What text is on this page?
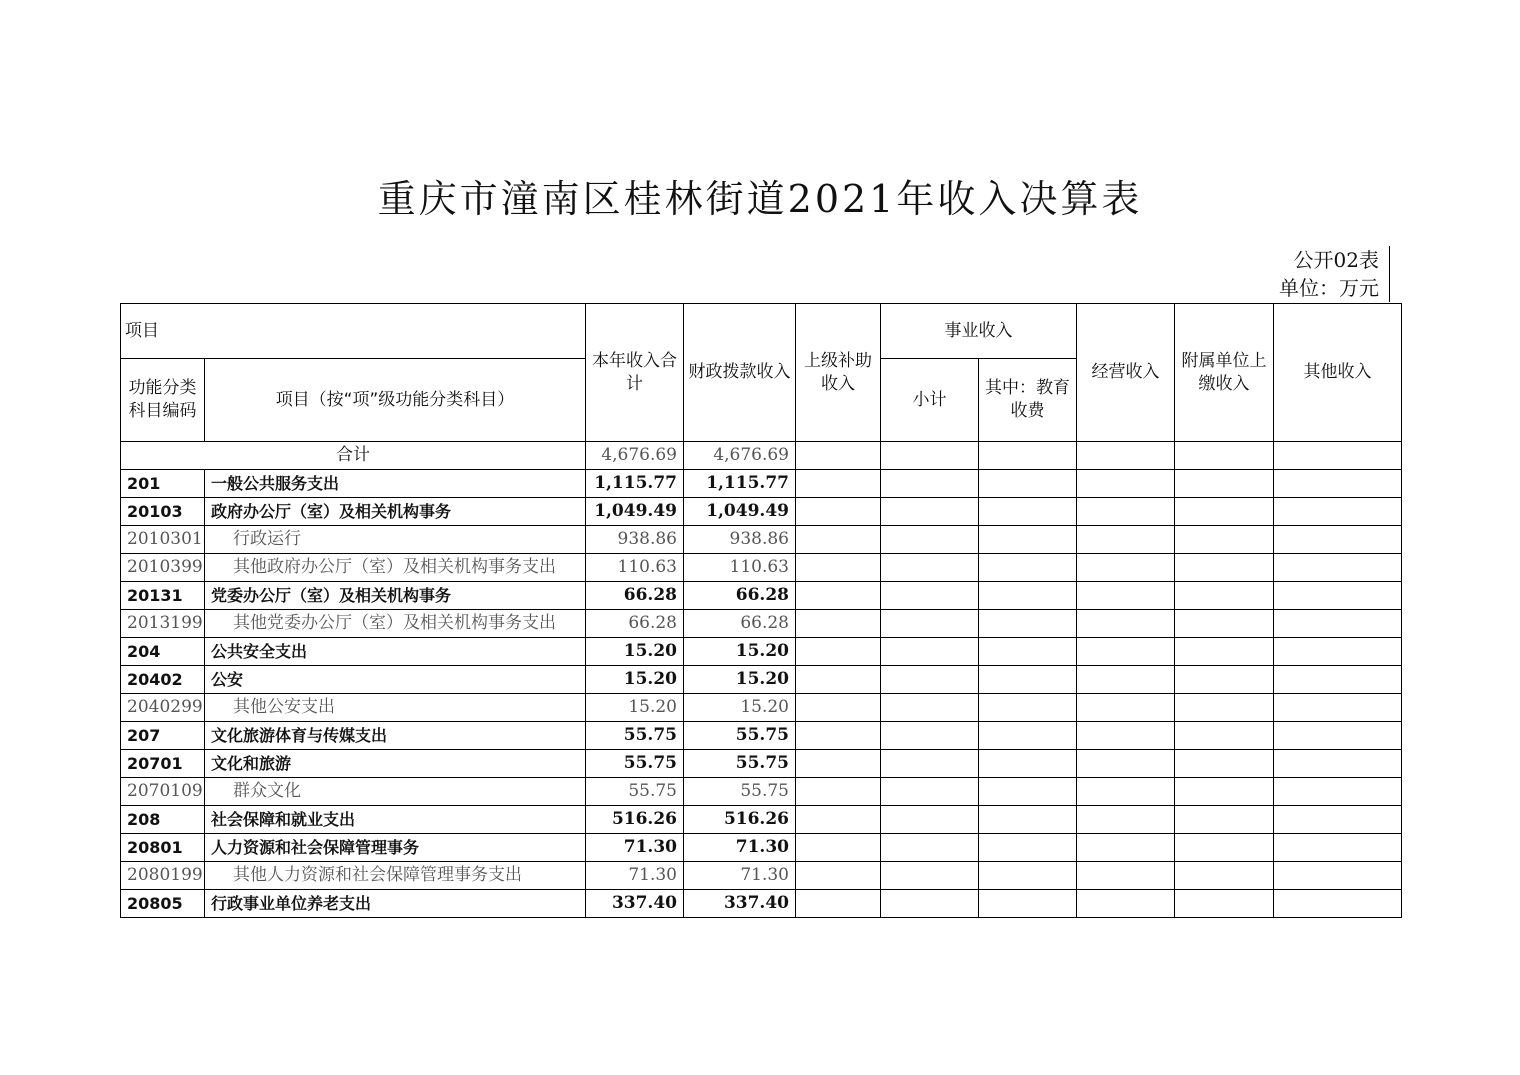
重庆市潼南区桂林街道2021年收入决算表
公开02表
单位：万元
项目		本年收入合计	财政拨款收入	上级补助收入	事业收入		经营收入	附属单位上缴收入	其他收入
功能分类科目编码	项目（按“项”级功能分类科目）								
					小计	其中：教育收费			
合计		4,676.69	4,676.69						
201	一般公共服务支出	1,115.77	1,115.77						
20103	政府办公厅（室）及相关机构事务	1,049.49	1,049.49						
2010301	行政运行	938.86	938.86						
2010399	其他政府办公厅（室）及相关机构事务支出	110.63	110.63						
20131	党委办公厅（室）及相关机构事务	66.28	66.28						
2013199	其他党委办公厅（室）及相关机构事务支出	66.28	66.28						
204	公共安全支出	15.20	15.20						
20402	公安	15.20	15.20						
2040299	其他公安支出	15.20	15.20						
207	文化旅游体育与传媒支出	55.75	55.75						
20701	文化和旅游	55.75	55.75						
2070109	群众文化	55.75	55.75						
208	社会保障和就业支出	516.26	516.26						
20801	人力资源和社会保障管理事务	71.30	71.30						
2080199	其他人力资源和社会保障管理事务支出	71.30	71.30						
20805	行政事业单位养老支出	337.40	337.40						
